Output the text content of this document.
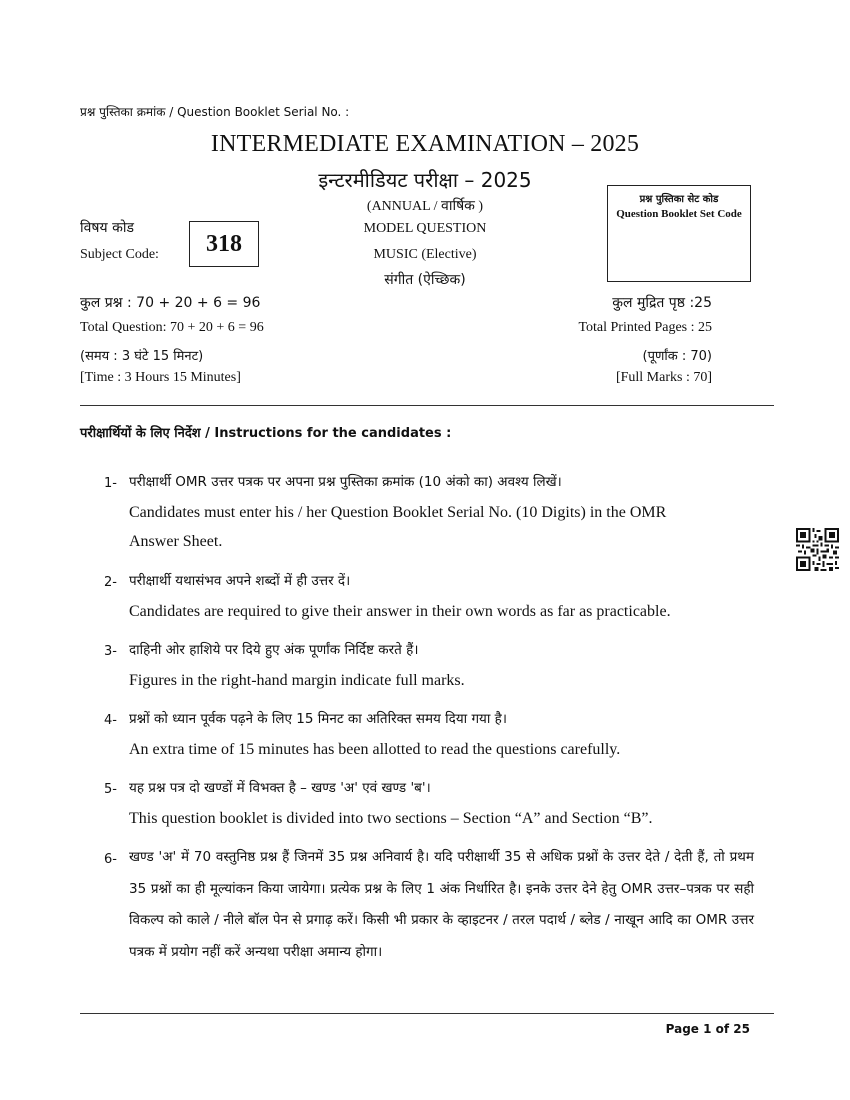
प्रश्न पुस्तिका क्रमांक / Question Booklet Serial No. :
INTERMEDIATE EXAMINATION – 2025
इन्टरमीडियट परीक्षा – 2025
(ANNUAL / वार्षिक )
MODEL QUESTION
MUSIC (Elective)
संगीत (ऐच्छिक)
विषय कोड
Subject Code:	318
प्रश्न पुस्तिका सेट कोड
Question Booklet Set Code
कुल प्रश्न : 70 + 20 + 6 = 96
Total Question: 70 + 20 + 6 = 96
(समय : 3 घंटे 15 मिनट)
[Time : 3 Hours 15 Minutes]
कुल मुद्रित पृष्ठ :25
Total Printed Pages : 25
(पूर्णांक : 70)
[Full Marks : 70]
परीक्षार्थियों के लिए निर्देश / Instructions for the candidates :
1- परीक्षार्थी OMR उत्तर पत्रक पर अपना प्रश्न पुस्तिका क्रमांक (10 अंको का) अवश्य लिखें।
Candidates must enter his / her Question Booklet Serial No. (10 Digits) in the OMR
Answer Sheet.
2- परीक्षार्थी यथासंभव अपने शब्दों में ही उत्तर दें।
Candidates are required to give their answer in their own words as far as practicable.
3- दाहिनी ओर हाशिये पर दिये हुए अंक पूर्णांक निर्दिष्ट करते हैं।
Figures in the right-hand margin indicate full marks.
4- प्रश्नों को ध्यान पूर्वक पढ़ने के लिए 15 मिनट का अतिरिक्त समय दिया गया है।
An extra time of 15 minutes has been allotted to read the questions carefully.
5- यह प्रश्न पत्र दो खण्डों में विभक्त है – खण्ड 'अ' एवं खण्ड 'ब'।
This question booklet is divided into two sections – Section “A” and Section “B”.
6- खण्ड 'अ' में 70 वस्तुनिष्ठ प्रश्न हैं जिनमें 35 प्रश्न अनिवार्य है। यदि परीक्षार्थी 35 से अधिक प्रश्नों के उत्तर देते / देती हैं, तो प्रथम 35 प्रश्नों का ही मूल्यांकन किया जायेगा। प्रत्येक प्रश्न के लिए 1 अंक निर्धारित है। इनके उत्तर देने हेतु OMR उत्तर–पत्रक पर सही विकल्प को काले / नीले बॉल पेन से प्रगाढ़ करें। किसी भी प्रकार के व्हाइटनर / तरल पदार्थ / ब्लेड / नाखून आदि का OMR उत्तर पत्रक में प्रयोग नहीं करें अन्यथा परीक्षा अमान्य होगा।
Page 1 of 25
